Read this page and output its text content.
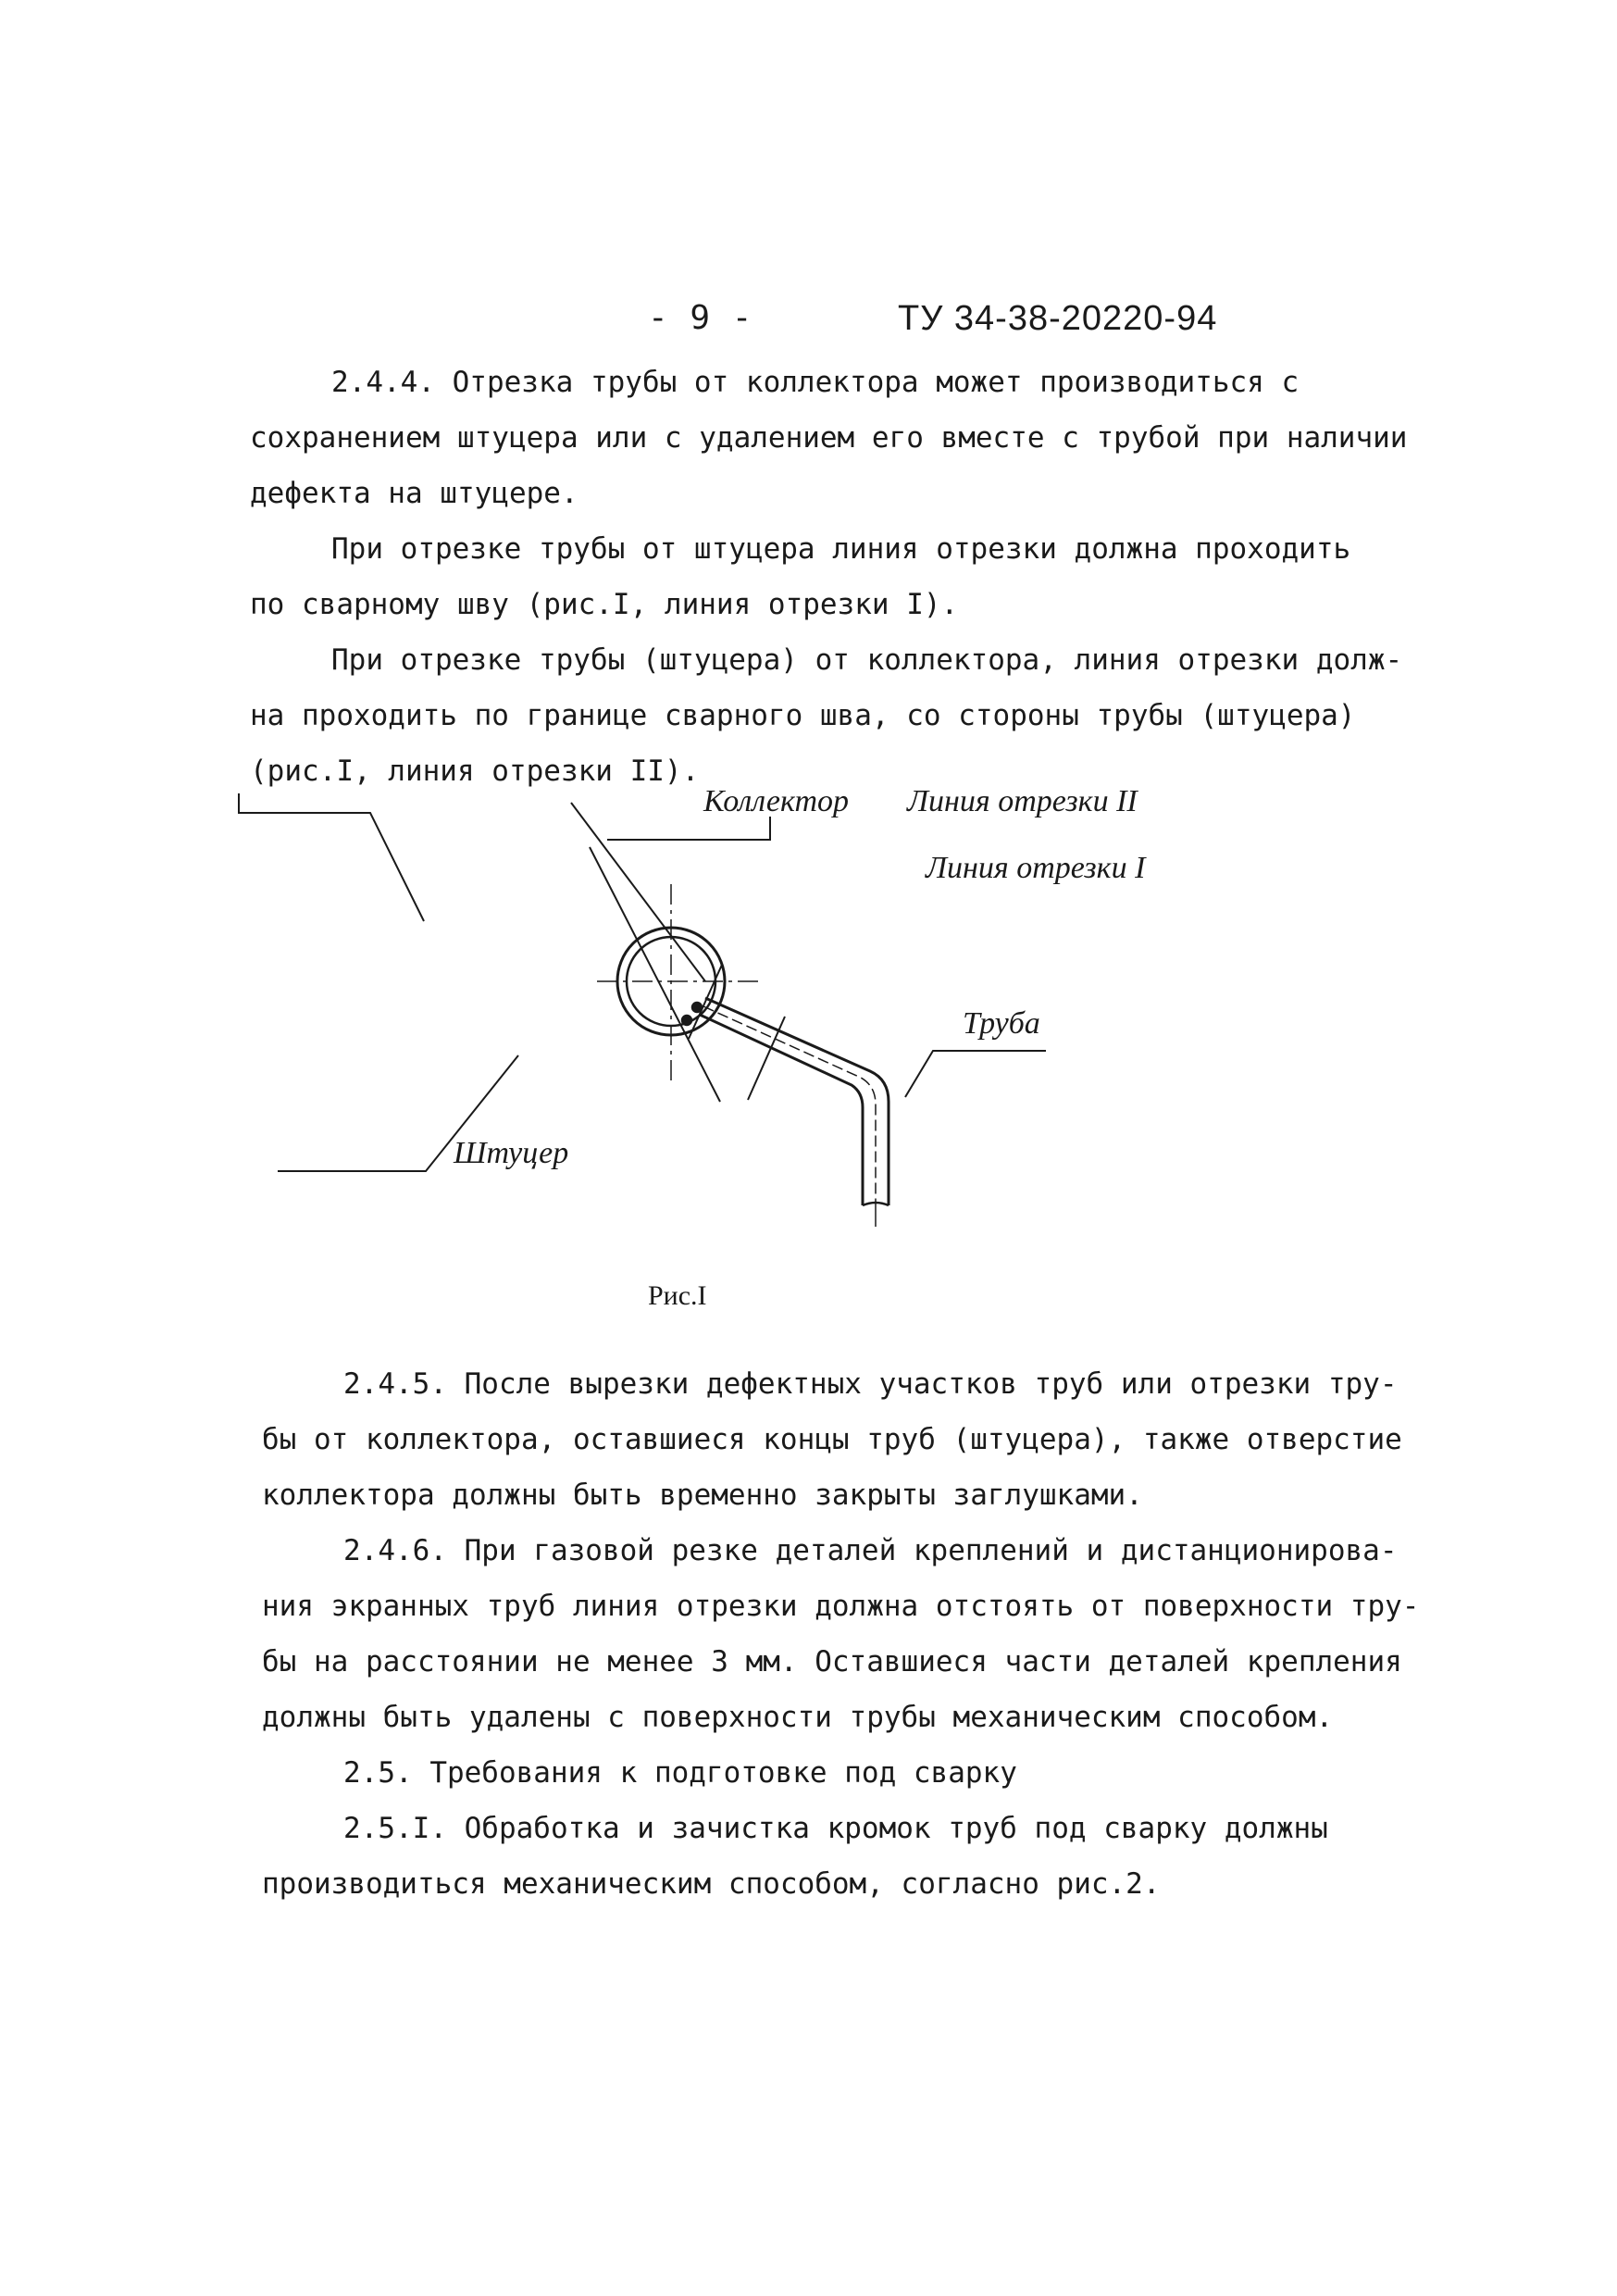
- 9 -	ТУ 34-38-20220-94
2.4.4. Отрезка трубы от коллектора может производиться с
сохранением штуцера или с удалением его вместе с трубой при наличии
дефекта на штуцере.
При отрезке трубы от штуцера линия отрезки должна проходить
по сварному шву (рис.I, линия отрезки I).
При отрезке трубы (штуцера) от коллектора, линия отрезки долж-
на проходить по границе сварного шва, со стороны трубы (штуцера)
(рис.I, линия отрезки II).
Коллектор Линия отрезки II
Линия отрезки I
Труба
Штуцер
Рис.I
2.4.5. После вырезки дефектных участков труб или отрезки тру-
бы от коллектора, оставшиеся концы труб (штуцера), также отверстие
коллектора должны быть временно закрыты заглушками.
2.4.6. При газовой резке деталей креплений и дистанционирова-
ния экранных труб линия отрезки должна отстоять от поверхности тру-
бы на расстоянии не менее 3 мм. Оставшиеся части деталей крепления
должны быть удалены с поверхности трубы механическим способом.
2.5. Требования к подготовке под сварку
2.5.I. Обработка и зачистка кромок труб под сварку должны
производиться механическим способом, согласно рис.2.
